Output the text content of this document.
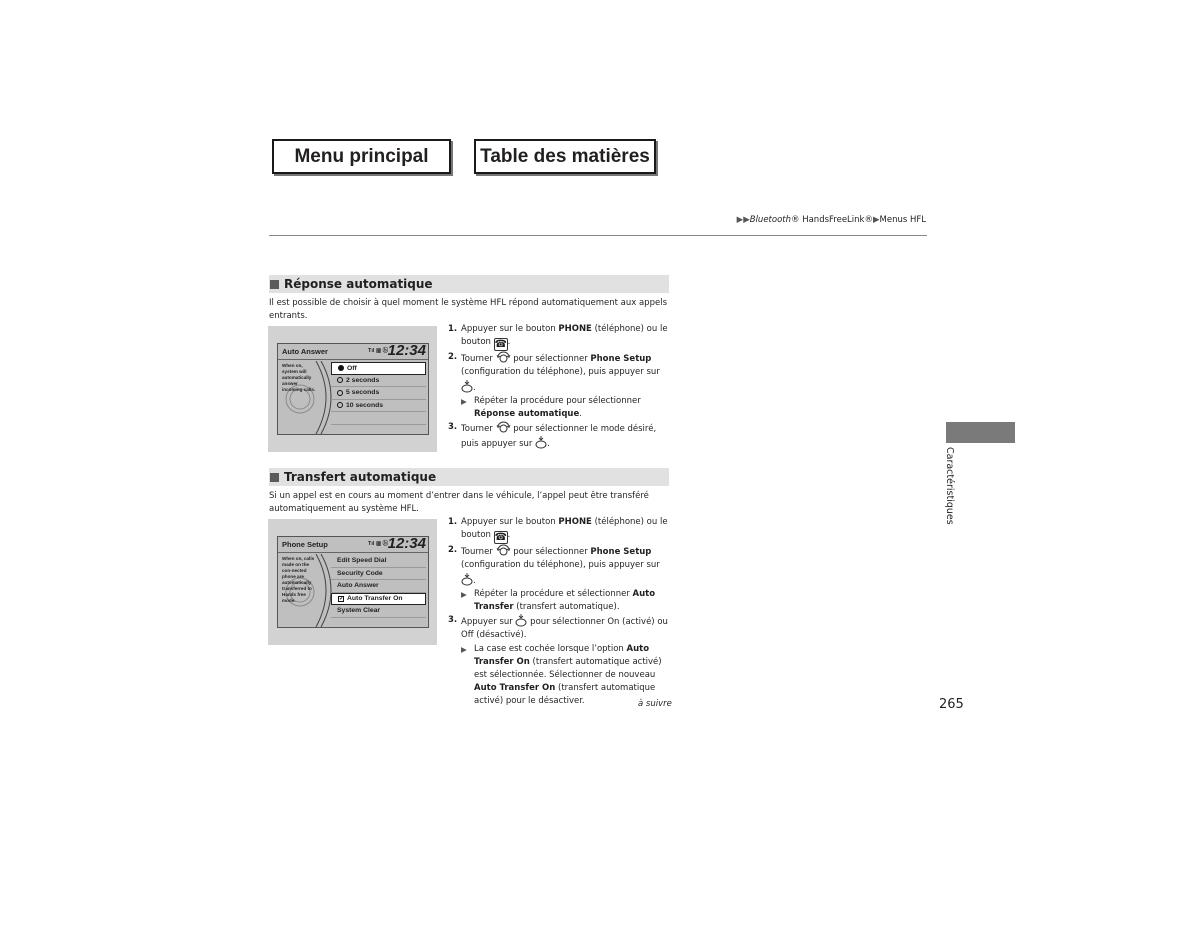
Menu principal	Table des matières
▶▶Bluetooth® HandsFreeLink®▶Menus HFL
Réponse automatique
Il est possible de choisir à quel moment le système HFL répond automatiquement aux appels entrants.
Auto Answer	Tıl ▥ ⓑ 12:34
When on, system will automatically answer incoming calls.
Off
2 seconds
5 seconds
10 seconds
1. Appuyer sur le bouton PHONE (téléphone) ou le
bouton ☎.
2. Tourner  pour sélectionner Phone Setup
(configuration du téléphone), puis appuyer sur
.
▶ Répéter la procédure pour sélectionner
Réponse automatique.
3. Tourner  pour sélectionner le mode désiré,
puis appuyer sur .
Transfert automatique
Si un appel est en cours au moment d’entrer dans le véhicule, l’appel peut être transféré automatiquement au système HFL.
Phone Setup	Tıl ▥ ⓑ 12:34
When on, calls made on the con-nected phone are automatically transferred to Hands free mode.
Edit Speed Dial
Security Code
Auto Answer
✓ Auto Transfer On
System Clear
1. Appuyer sur le bouton PHONE (téléphone) ou le
bouton ☎.
2. Tourner  pour sélectionner Phone Setup
(configuration du téléphone), puis appuyer sur .
▶ Répéter la procédure et sélectionner Auto
Transfer (transfert automatique).
3. Appuyer sur  pour sélectionner On (activé) ou
Off (désactivé).
▶ La case est cochée lorsque l’option Auto
Transfer On (transfert automatique activé)
est sélectionnée. Sélectionner de nouveau
Auto Transfer On (transfert automatique
activé) pour le désactiver.	à suivre	265
Caractéristiques
